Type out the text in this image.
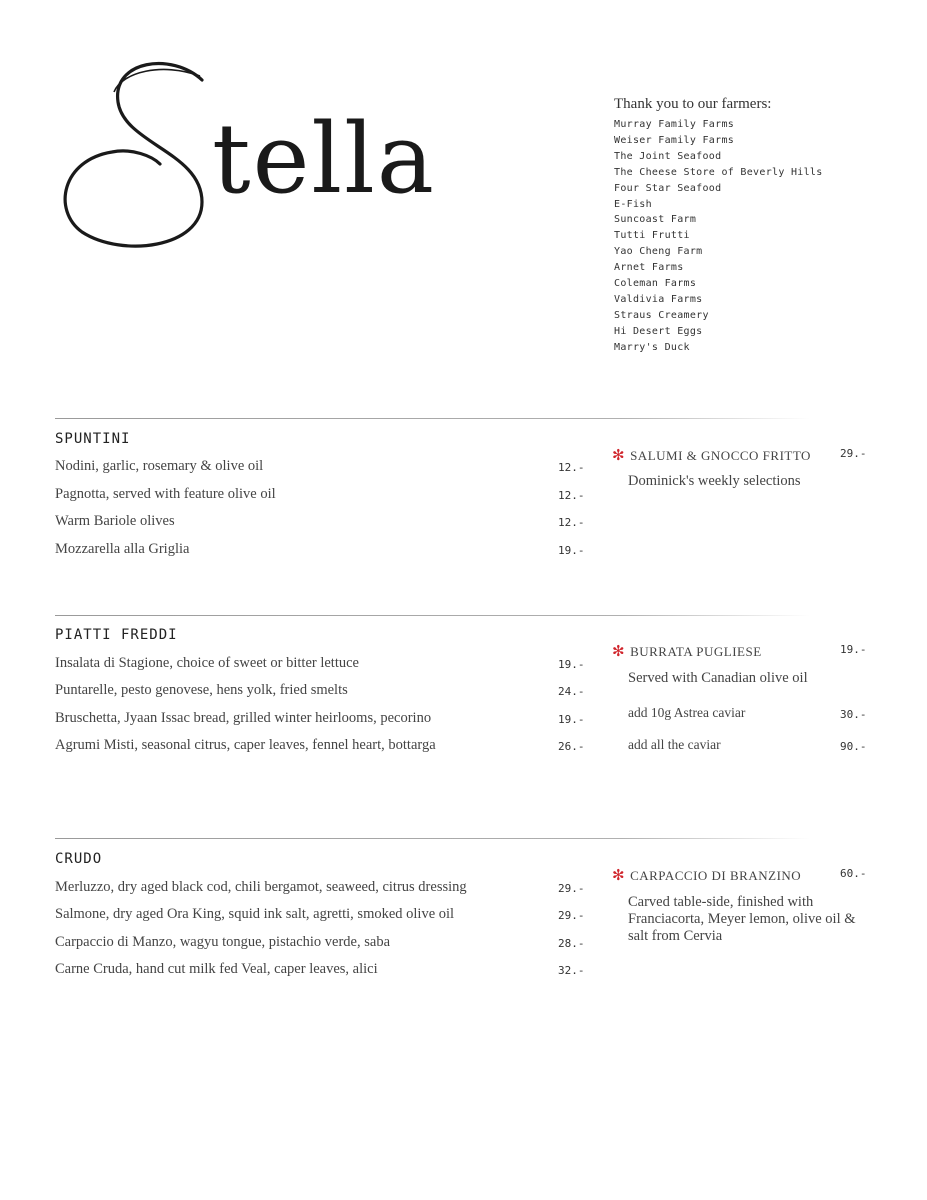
tella	Thank you to our farmers:
Murray Family Farms
Weiser Family Farms
The Joint Seafood
The Cheese Store of Beverly Hills
Four Star Seafood
E-Fish
Suncoast Farm
Tutti Frutti
Yao Cheng Farm
Arnet Farms
Coleman Farms
Valdivia Farms
Straus Creamery
Hi Desert Eggs
Marry's Duck
SPUNTINI
Nodini, garlic, rosemary & olive oil	12.-
Pagnotta, served with feature olive oil	12.-
Warm Bariole olives	12.-
Mozzarella alla Griglia	19.-
✻ SALUMI & GNOCCO FRITTO	29.-
Dominick's weekly selections
PIATTI FREDDI
Insalata di Stagione, choice of sweet or bitter lettuce	19.-
Puntarelle, pesto genovese, hens yolk, fried smelts	24.-
Bruschetta, Jyaan Issac bread, grilled winter heirlooms, pecorino	19.-
Agrumi Misti, seasonal citrus, caper leaves, fennel heart, bottarga	26.-
✻ BURRATA PUGLIESE	19.-
Served with Canadian olive oil
add 10g Astrea caviar	30.-
add all the caviar	90.-
CRUDO
Merluzzo, dry aged black cod, chili bergamot, seaweed, citrus dressing	29.-
Salmone, dry aged Ora King, squid ink salt, agretti, smoked olive oil	29.-
Carpaccio di Manzo, wagyu tongue, pistachio verde, saba	28.-
Carne Cruda, hand cut milk fed Veal, caper leaves, alici	32.-
✻ CARPACCIO DI BRANZINO	60.-
Carved table-side, finished with Franciacorta, Meyer lemon, olive oil & salt from Cervia
